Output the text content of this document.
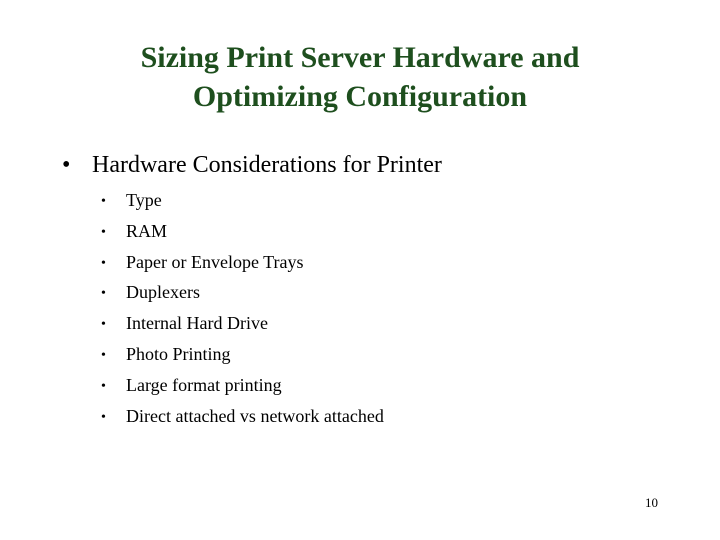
Sizing Print Server Hardware and
Optimizing Configuration
• Hardware Considerations for Printer
• Type
• RAM
• Paper or Envelope Trays
• Duplexers
• Internal Hard Drive
• Photo Printing
• Large format printing
• Direct attached vs network attached
10
